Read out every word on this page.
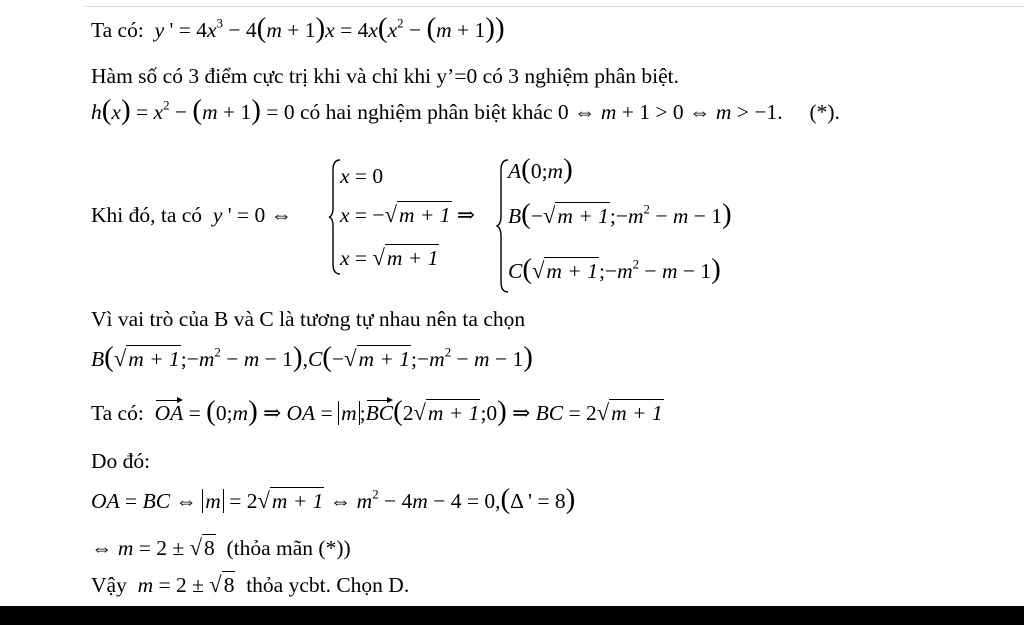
Ta có: y ' = $4x^3 - 4(m + 1)x = 4x(x^2 - (m + 1))$
Hàm số có 3 điểm cực trị khi và chỉ khi y’=0 có 3 nghiệm phân biệt.
$h(x) = x^2 - (m + 1) = 0$ có hai nghiệm phân biệt khác 0 ⇔ m + 1 > 0 ⇔ m > −1.     (*).
Khi đó, ta có y ' = 0 ⇔
x = 0
x = −√m + 1 ⇒
x = √m + 1
A(0;m)
$B(-√m + 1;-m^2 - m - 1)$
$C(√m + 1;-m^2 - m - 1)$
Vì vai trò của B và C là tương tự nhau nên ta chọn
$B(√m + 1;-m^2 - m - 1),C(-√m$ + $1;-m^2 - m - 1$)
Ta có: OA = (0;m) ⇒ OA = m ;BC(2√m + 1;0) ⇒ BC = 2√m + 1
Do đó:
OA = BC ⇔ m = 2√m + 1 ⇔ $m^2 - 4m - 4 = 0,(\Delta$ ' = 8)
⇔ m = 2 ± √8 (thỏa mãn (*))
Vậy m = 2 ± √8 thỏa ycbt. Chọn D.
